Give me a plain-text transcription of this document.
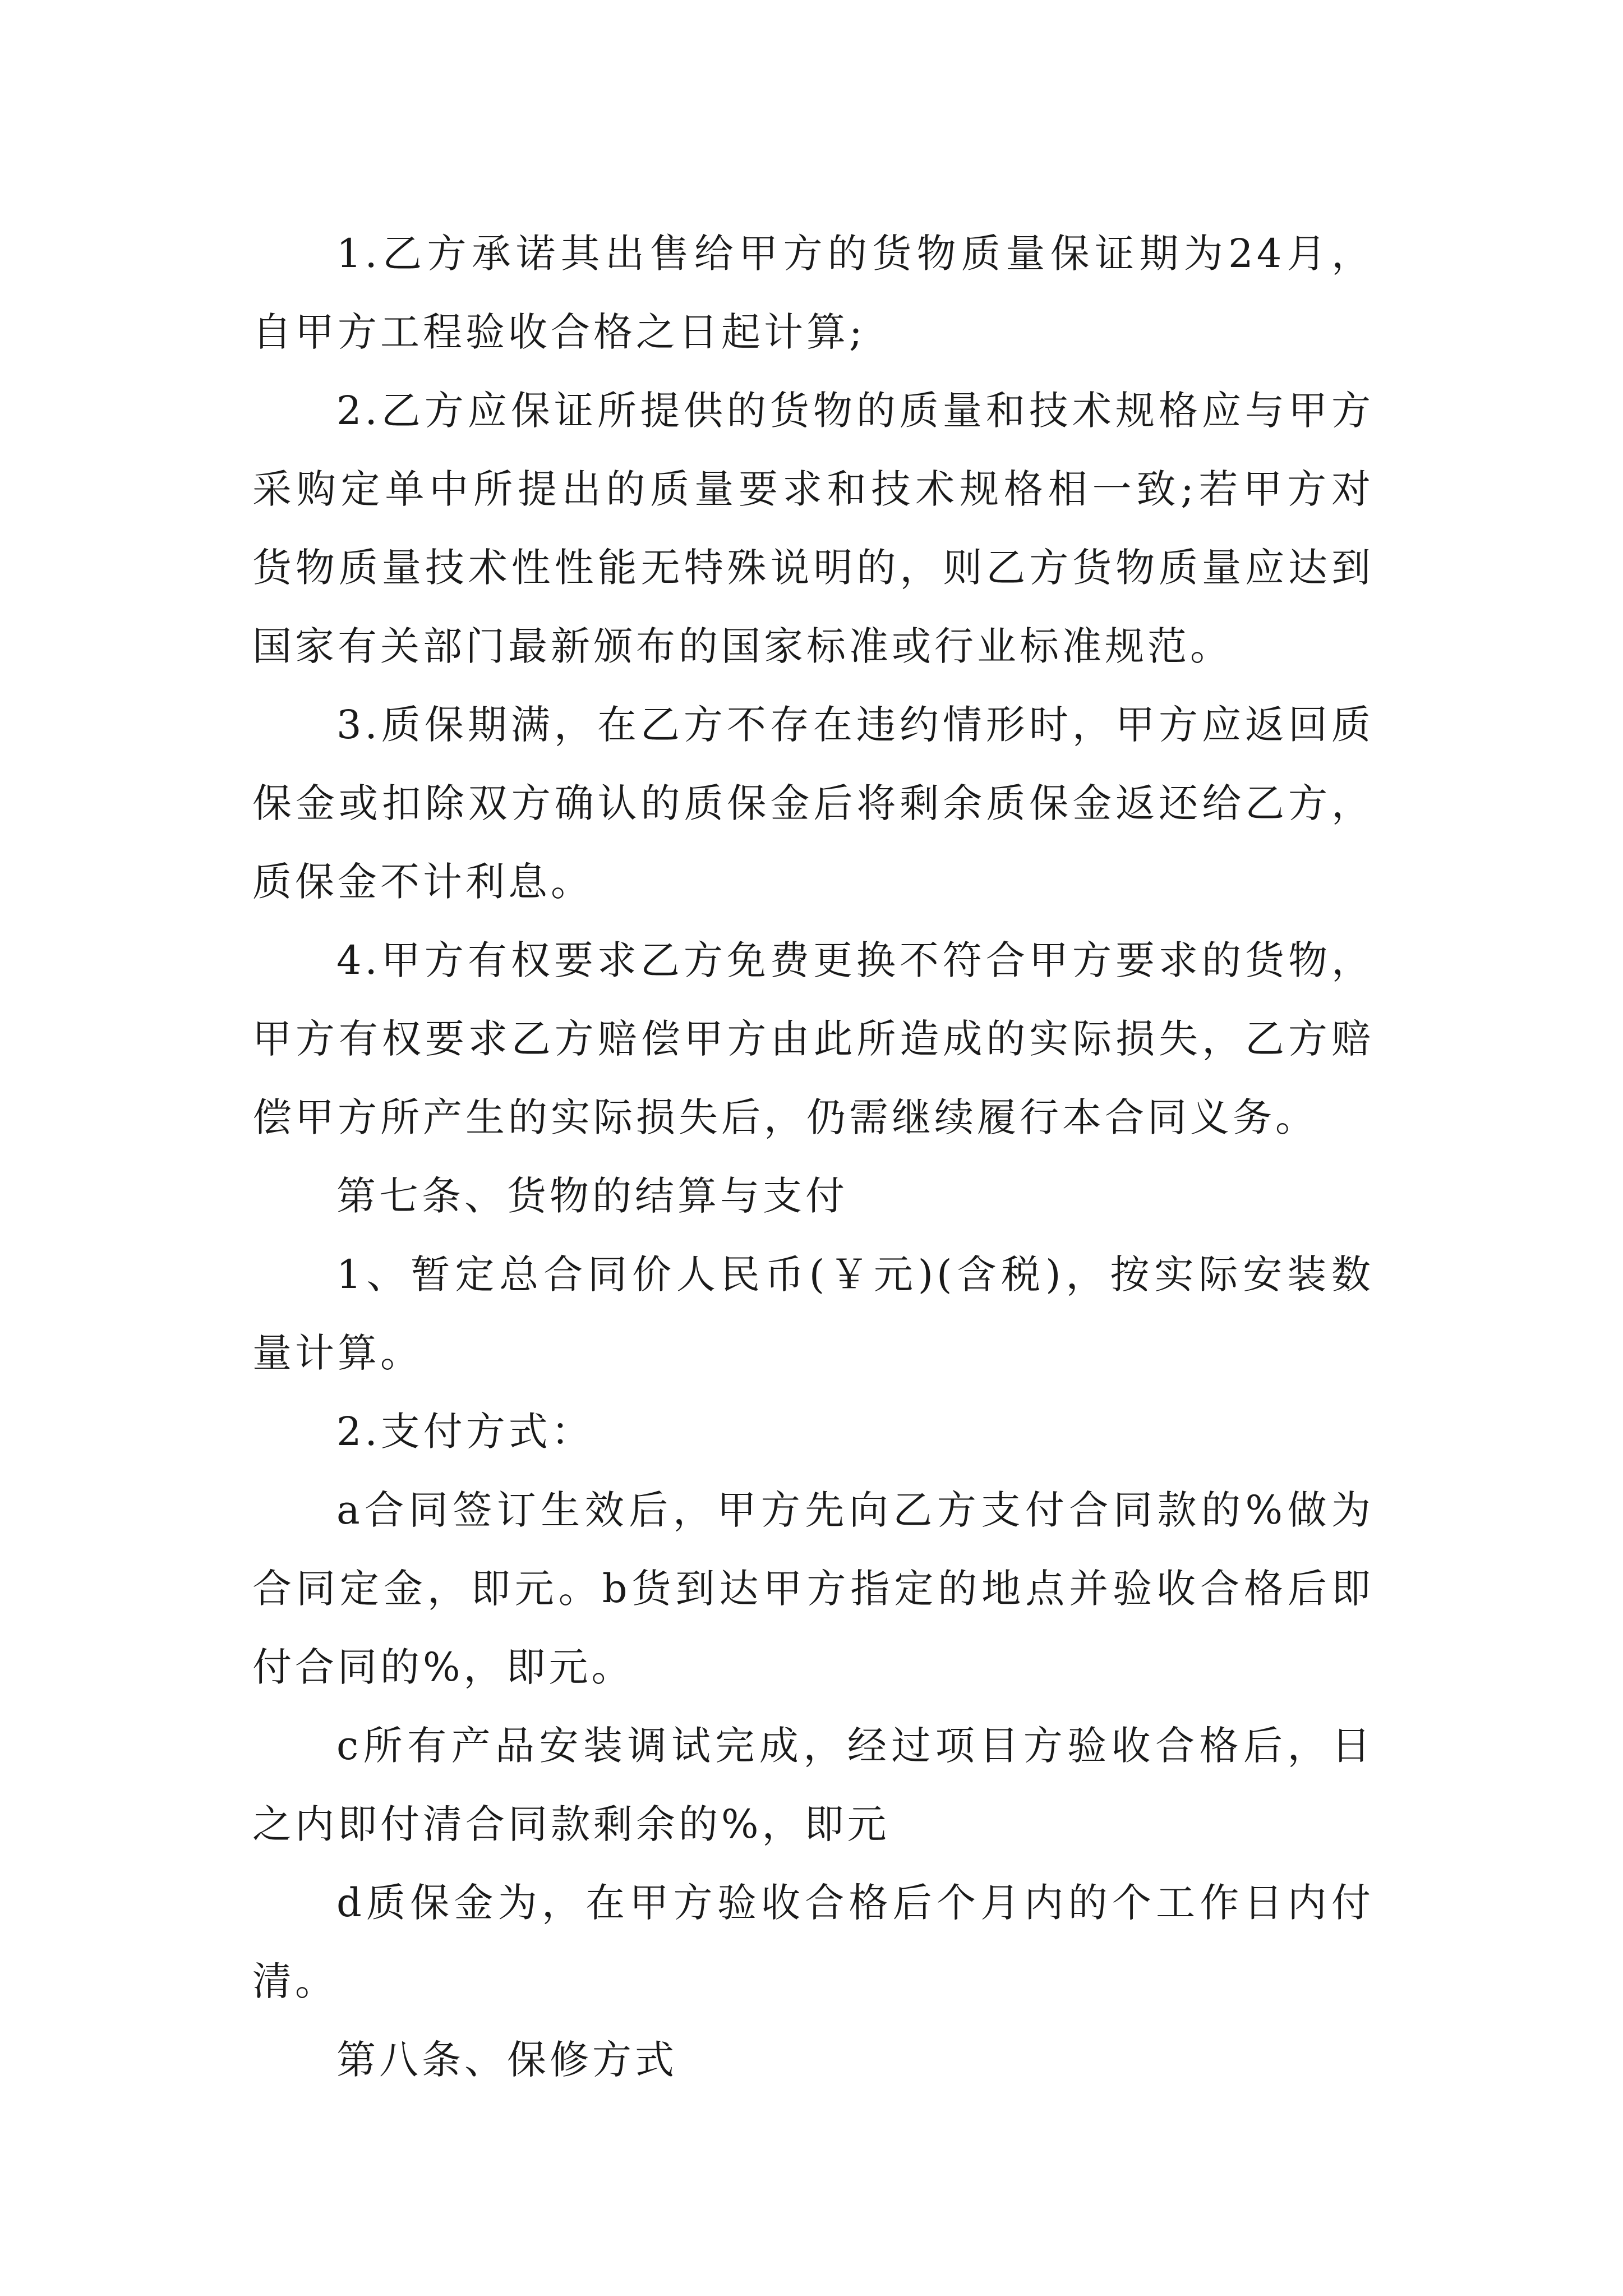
1.乙方承诺其出售给甲方的货物质量保证期为24月，自甲方工程验收合格之日起计算;

2.乙方应保证所提供的货物的质量和技术规格应与甲方采购定单中所提出的质量要求和技术规格相一致;若甲方对货物质量技术性性能无特殊说明的，则乙方货物质量应达到国家有关部门最新颁布的国家标准或行业标准规范。

3.质保期满，在乙方不存在违约情形时，甲方应返回质保金或扣除双方确认的质保金后将剩余质保金返还给乙方，质保金不计利息。

4.甲方有权要求乙方免费更换不符合甲方要求的货物，甲方有权要求乙方赔偿甲方由此所造成的实际损失，乙方赔偿甲方所产生的实际损失后，仍需继续履行本合同义务。

第七条、货物的结算与支付

1、暂定总合同价人民币(￥元)(含税)，按实际安装数量计算。

2.支付方式：

a合同签订生效后，甲方先向乙方支付合同款的%做为合同定金，即元。b货到达甲方指定的地点并验收合格后即付合同的%，即元。

c所有产品安装调试完成，经过项目方验收合格后，日之内即付清合同款剩余的%，即元

d质保金为，在甲方验收合格后个月内的个工作日内付清。

第八条、保修方式
